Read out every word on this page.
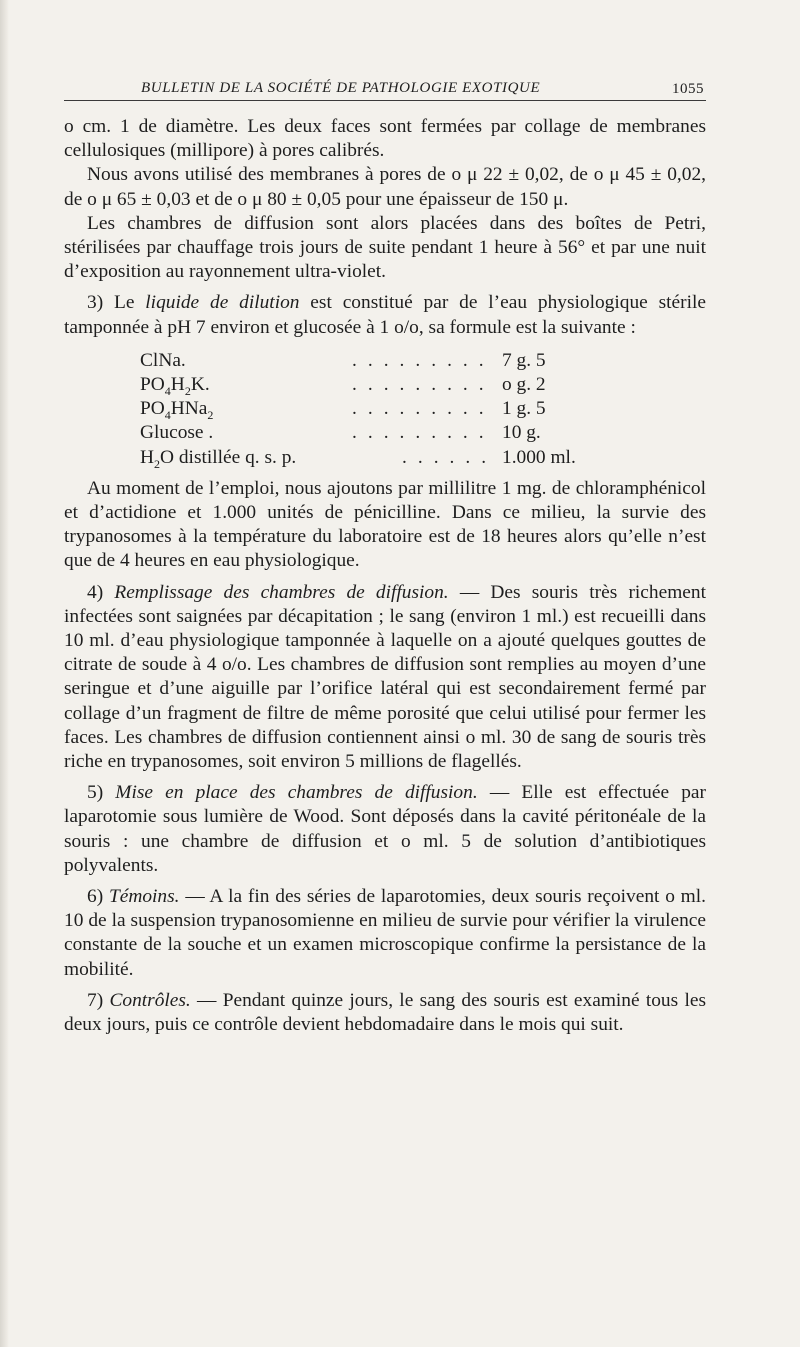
BULLETIN DE LA SOCIÉTÉ DE PATHOLOGIE EXOTIQUE	1055

o cm. 1 de diamètre. Les deux faces sont fermées par collage de membranes cellulosiques (millipore) à pores calibrés.

Nous avons utilisé des membranes à pores de o μ 22 ± 0,02, de o μ 45 ± 0,02, de o μ 65 ± 0,03 et de o μ 80 ± 0,05 pour une épaisseur de 150 μ.

Les chambres de diffusion sont alors placées dans des boîtes de Petri, stérilisées par chauffage trois jours de suite pendant 1 heure à 56° et par une nuit d’exposition au rayonnement ultra-violet.

3) Le liquide de dilution est constitué par de l’eau physiologique stérile tamponnée à pH 7 environ et glucosée à 1 o/o, sa formule est la suivante :

ClNa.	......... 7 g. 5
$PO_4H_2K$.	......... o g. 2
$PO_4HNa_2$	......... 1 g. 5
Glucose .	......... 10 g.
$H_2O$ distillée q. s. p.	...... 1.000 ml.

Au moment de l’emploi, nous ajoutons par millilitre 1 mg. de chloramphénicol et d’actidione et 1.000 unités de pénicilline. Dans ce milieu, la survie des trypanosomes à la température du laboratoire est de 18 heures alors qu’elle n’est que de 4 heures en eau physiologique.

4) Remplissage des chambres de diffusion. — Des souris très richement infectées sont saignées par décapitation ; le sang (environ 1 ml.) est recueilli dans 10 ml. d’eau physiologique tamponnée à laquelle on a ajouté quelques gouttes de citrate de soude à 4 o/o. Les chambres de diffusion sont remplies au moyen d’une seringue et d’une aiguille par l’orifice latéral qui est secondairement fermé par collage d’un fragment de filtre de même porosité que celui utilisé pour fermer les faces. Les chambres de diffusion contiennent ainsi o ml. 30 de sang de souris très riche en trypanosomes, soit environ 5 millions de flagellés.

5) Mise en place des chambres de diffusion. — Elle est effectuée par laparotomie sous lumière de Wood. Sont déposés dans la cavité péritonéale de la souris : une chambre de diffusion et o ml. 5 de solution d’antibiotiques polyvalents.

6) Témoins. — A la fin des séries de laparotomies, deux souris reçoivent o ml. 10 de la suspension trypanosomienne en milieu de survie pour vérifier la virulence constante de la souche et un examen microscopique confirme la persistance de la mobilité.

7) Contrôles. — Pendant quinze jours, le sang des souris est examiné tous les deux jours, puis ce contrôle devient hebdomadaire dans le mois qui suit.
